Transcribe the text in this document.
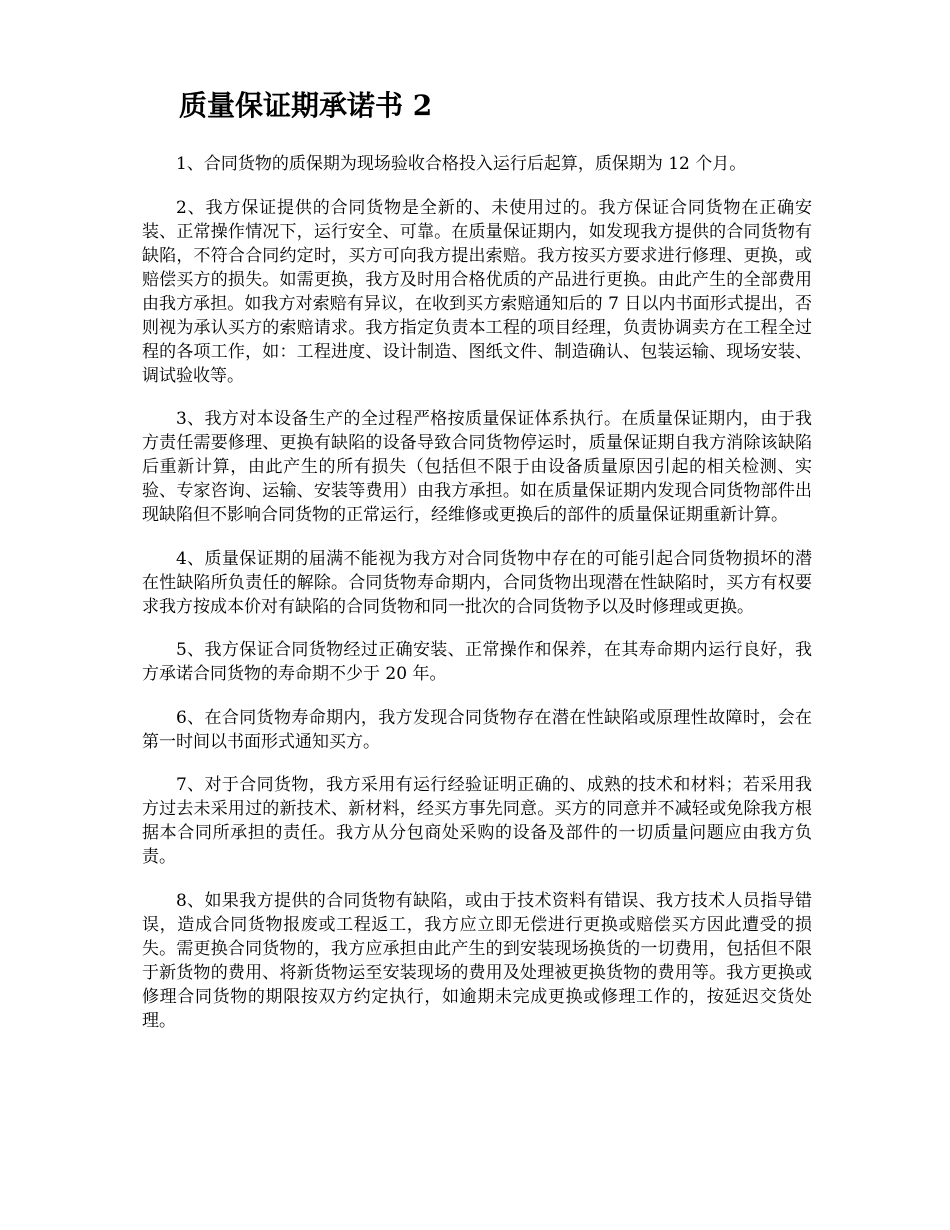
质量保证期承诺书 2

1、合同货物的质保期为现场验收合格投入运行后起算，质保期为 12 个月。

2、我方保证提供的合同货物是全新的、未使用过的。我方保证合同货物在正确安装、正常操作情况下，运行安全、可靠。在质量保证期内，如发现我方提供的合同货物有缺陷，不符合合同约定时，买方可向我方提出索赔。我方按买方要求进行修理、更换，或赔偿买方的损失。如需更换，我方及时用合格优质的产品进行更换。由此产生的全部费用由我方承担。如我方对索赔有异议，在收到买方索赔通知后的 7 日以内书面形式提出，否则视为承认买方的索赔请求。我方指定负责本工程的项目经理，负责协调卖方在工程全过程的各项工作，如：工程进度、设计制造、图纸文件、制造确认、包装运输、现场安装、调试验收等。

3、我方对本设备生产的全过程严格按质量保证体系执行。在质量保证期内，由于我方责任需要修理、更换有缺陷的设备导致合同货物停运时，质量保证期自我方消除该缺陷后重新计算，由此产生的所有损失（包括但不限于由设备质量原因引起的相关检测、实验、专家咨询、运输、安装等费用）由我方承担。如在质量保证期内发现合同货物部件出现缺陷但不影响合同货物的正常运行，经维修或更换后的部件的质量保证期重新计算。

4、质量保证期的届满不能视为我方对合同货物中存在的可能引起合同货物损坏的潜在性缺陷所负责任的解除。合同货物寿命期内，合同货物出现潜在性缺陷时，买方有权要求我方按成本价对有缺陷的合同货物和同一批次的合同货物予以及时修理或更换。

5、我方保证合同货物经过正确安装、正常操作和保养，在其寿命期内运行良好，我方承诺合同货物的寿命期不少于 20 年。

6、在合同货物寿命期内，我方发现合同货物存在潜在性缺陷或原理性故障时，会在第一时间以书面形式通知买方。

7、对于合同货物，我方采用有运行经验证明正确的、成熟的技术和材料；若采用我方过去未采用过的新技术、新材料，经买方事先同意。买方的同意并不减轻或免除我方根据本合同所承担的责任。我方从分包商处采购的设备及部件的一切质量问题应由我方负责。

8、如果我方提供的合同货物有缺陷，或由于技术资料有错误、我方技术人员指导错误，造成合同货物报废或工程返工，我方应立即无偿进行更换或赔偿买方因此遭受的损失。需更换合同货物的，我方应承担由此产生的到安装现场换货的一切费用，包括但不限于新货物的费用、将新货物运至安装现场的费用及处理被更换货物的费用等。我方更换或修理合同货物的期限按双方约定执行，如逾期未完成更换或修理工作的，按延迟交货处理。
